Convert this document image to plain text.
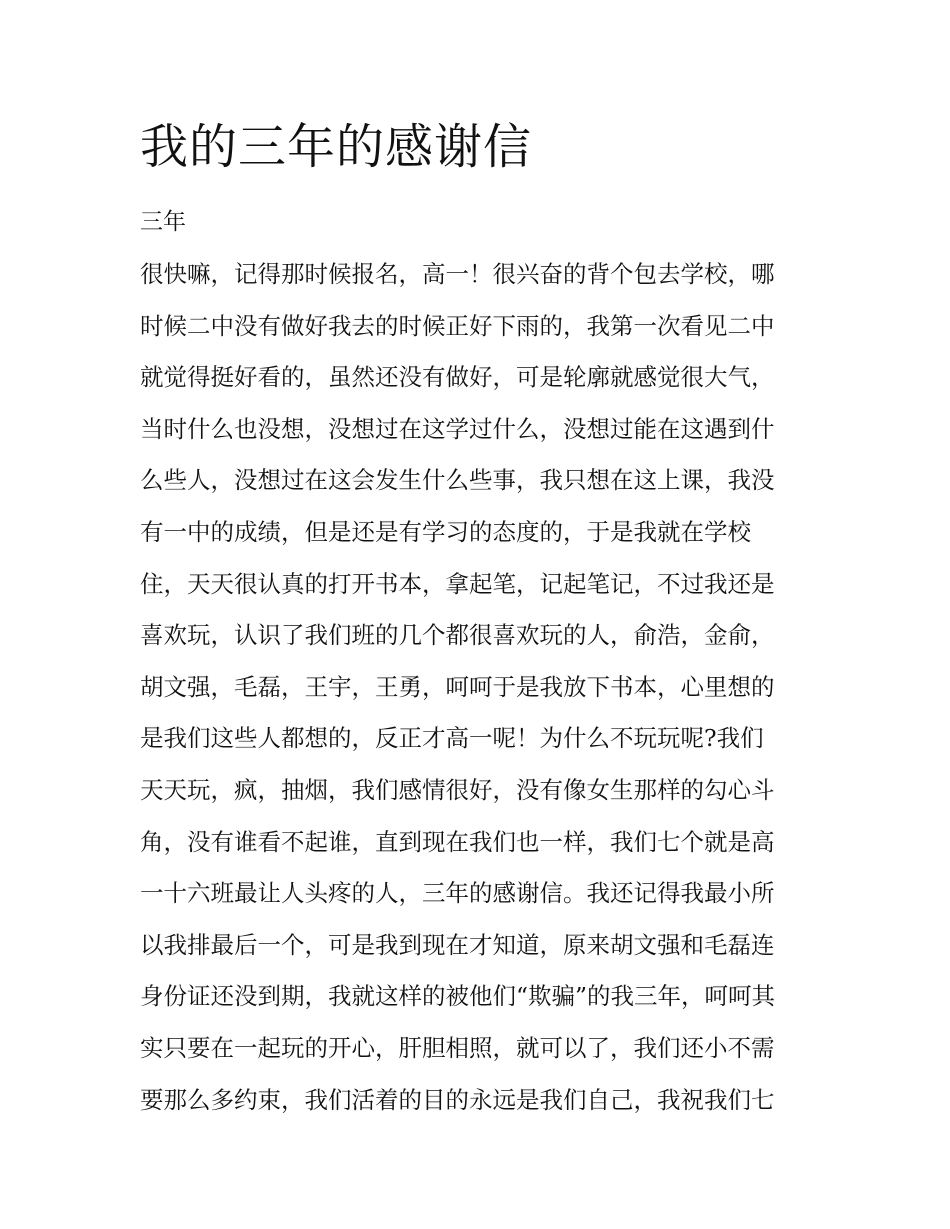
我的三年的感谢信

三年

很快嘛，记得那时候报名，高一！很兴奋的背个包去学校，哪
时候二中没有做好我去的时候正好下雨的，我第一次看见二中
就觉得挺好看的，虽然还没有做好，可是轮廓就感觉很大气，
当时什么也没想，没想过在这学过什么，没想过能在这遇到什
么些人，没想过在这会发生什么些事，我只想在这上课，我没
有一中的成绩，但是还是有学习的态度的，于是我就在学校
住，天天很认真的打开书本，拿起笔，记起笔记，不过我还是
喜欢玩，认识了我们班的几个都很喜欢玩的人，俞浩，金俞，
胡文强，毛磊，王宇，王勇，呵呵于是我放下书本，心里想的
是我们这些人都想的，反正才高一呢！为什么不玩玩呢?我们
天天玩，疯，抽烟，我们感情很好，没有像女生那样的勾心斗
角，没有谁看不起谁，直到现在我们也一样，我们七个就是高
一十六班最让人头疼的人，三年的感谢信。我还记得我最小所
以我排最后一个，可是我到现在才知道，原来胡文强和毛磊连
身份证还没到期，我就这样的被他们“欺骗”的我三年，呵呵其
实只要在一起玩的开心，肝胆相照，就可以了，我们还小不需
要那么多约束，我们活着的目的永远是我们自己，我祝我们七
